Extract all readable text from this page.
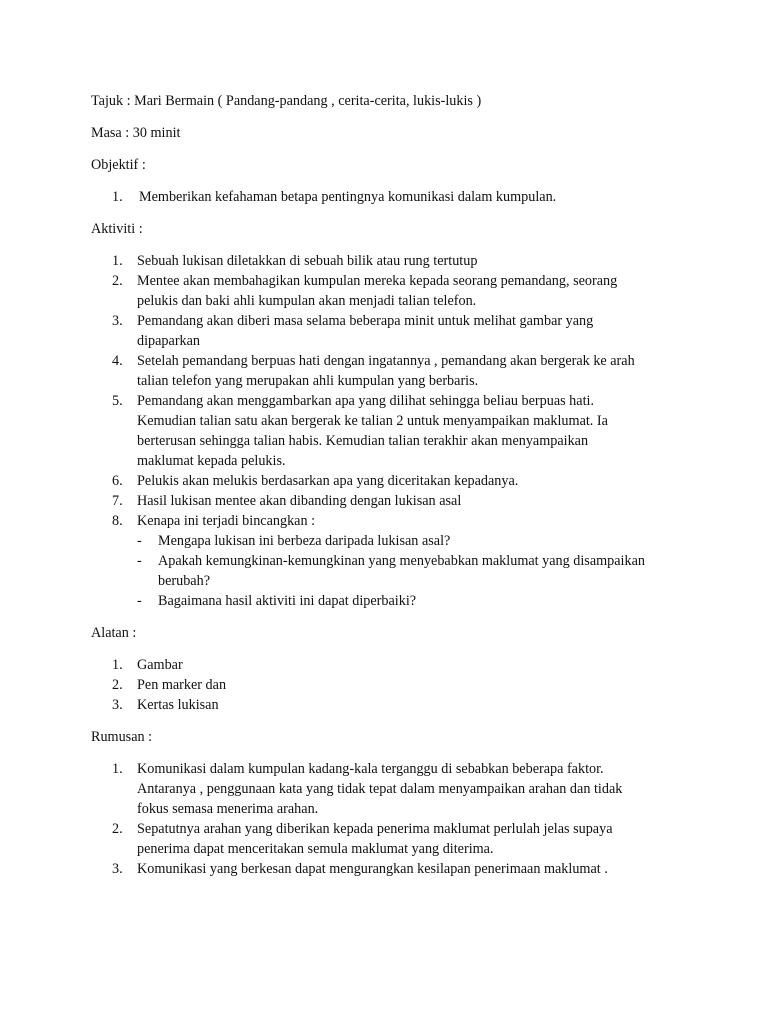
Tajuk : Mari Bermain ( Pandang-pandang , cerita-cerita, lukis-lukis )

Masa : 30 minit

Objektif :

1. Memberikan kefahaman betapa pentingnya komunikasi dalam kumpulan.

Aktiviti :

1. Sebuah lukisan diletakkan di sebuah bilik atau rung tertutup
2. Mentee akan membahagikan kumpulan mereka kepada seorang pemandang, seorang
pelukis dan baki ahli kumpulan akan menjadi talian telefon.
3. Pemandang akan diberi masa selama beberapa minit untuk melihat gambar yang
dipaparkan
4. Setelah pemandang berpuas hati dengan ingatannya , pemandang akan bergerak ke arah
talian telefon yang merupakan ahli kumpulan yang berbaris.
5. Pemandang akan menggambarkan apa yang dilihat sehingga beliau berpuas hati.
Kemudian talian satu akan bergerak ke talian 2 untuk menyampaikan maklumat. Ia
berterusan sehingga talian habis. Kemudian talian terakhir akan menyampaikan
maklumat kepada pelukis.
6. Pelukis akan melukis berdasarkan apa yang diceritakan kepadanya.
7. Hasil lukisan mentee akan dibanding dengan lukisan asal
8. Kenapa ini terjadi bincangkan :
- Mengapa lukisan ini berbeza daripada lukisan asal?
- Apakah kemungkinan-kemungkinan yang menyebabkan maklumat yang disampaikan
berubah?
- Bagaimana hasil aktiviti ini dapat diperbaiki?

Alatan :

1. Gambar
2. Pen marker dan
3. Kertas lukisan

Rumusan :

1. Komunikasi dalam kumpulan kadang-kala terganggu di sebabkan beberapa faktor.
Antaranya , penggunaan kata yang tidak tepat dalam menyampaikan arahan dan tidak
fokus semasa menerima arahan.
2. Sepatutnya arahan yang diberikan kepada penerima maklumat perlulah jelas supaya
penerima dapat menceritakan semula maklumat yang diterima.
3. Komunikasi yang berkesan dapat mengurangkan kesilapan penerimaan maklumat .
